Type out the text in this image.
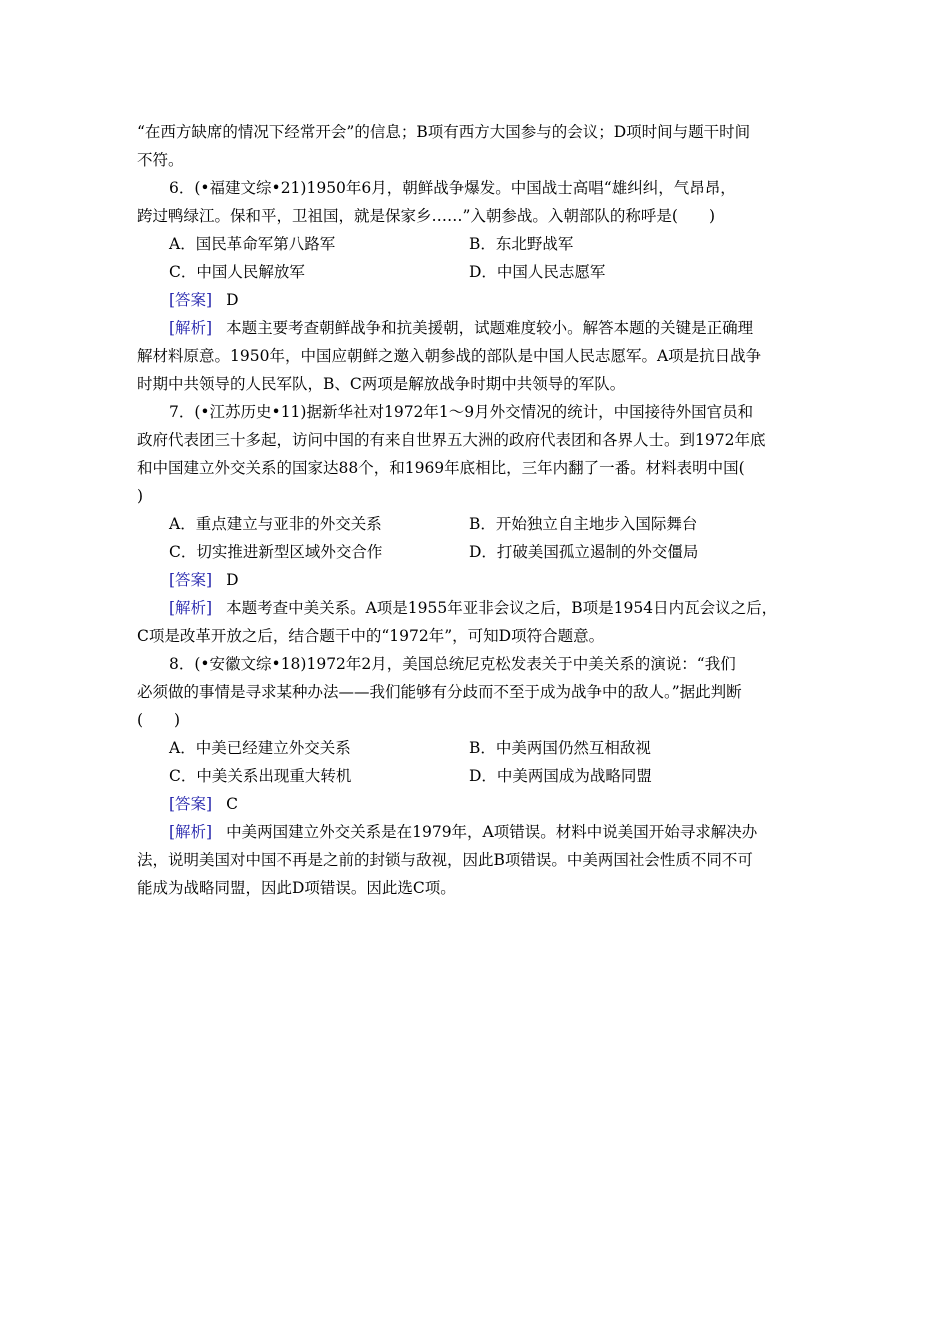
“在西方缺席的情况下经常开会”的信息；B项有西方大国参与的会议；D项时间与题干时间
不符。
6．(•福建文综•21)1950年6月，朝鲜战争爆发。中国战士高唱“雄纠纠，气昂昂，
跨过鸭绿江。保和平，卫祖国，就是保家乡……”入朝参战。入朝部队的称呼是(　　)
A．国民革命军第八路军	B．东北野战军
C．中国人民解放军	D．中国人民志愿军
[答案] D
[解析] 本题主要考查朝鲜战争和抗美援朝，试题难度较小。解答本题的关键是正确理
解材料原意。1950年，中国应朝鲜之邀入朝参战的部队是中国人民志愿军。A项是抗日战争
时期中共领导的人民军队，B、C两项是解放战争时期中共领导的军队。
7．(•江苏历史•11)据新华社对1972年1～9月外交情况的统计，中国接待外国官员和
政府代表团三十多起，访问中国的有来自世界五大洲的政府代表团和各界人士。到1972年底
和中国建立外交关系的国家达88个，和1969年底相比，三年内翻了一番。材料表明中国(
)
A．重点建立与亚非的外交关系	B．开始独立自主地步入国际舞台
C．切实推进新型区域外交合作	D．打破美国孤立遏制的外交僵局
[答案] D
[解析] 本题考查中美关系。A项是1955年亚非会议之后，B项是1954日内瓦会议之后，
C项是改革开放之后，结合题干中的“1972年”，可知D项符合题意。
8．(•安徽文综•18)1972年2月，美国总统尼克松发表关于中美关系的演说：“我们
必须做的事情是寻求某种办法——我们能够有分歧而不至于成为战争中的敌人。”据此判断
(　　)
A．中美已经建立外交关系	B．中美两国仍然互相敌视
C．中美关系出现重大转机	D．中美两国成为战略同盟
[答案] C
[解析] 中美两国建立外交关系是在1979年，A项错误。材料中说美国开始寻求解决办
法，说明美国对中国不再是之前的封锁与敌视，因此B项错误。中美两国社会性质不同不可
能成为战略同盟，因此D项错误。因此选C项。
